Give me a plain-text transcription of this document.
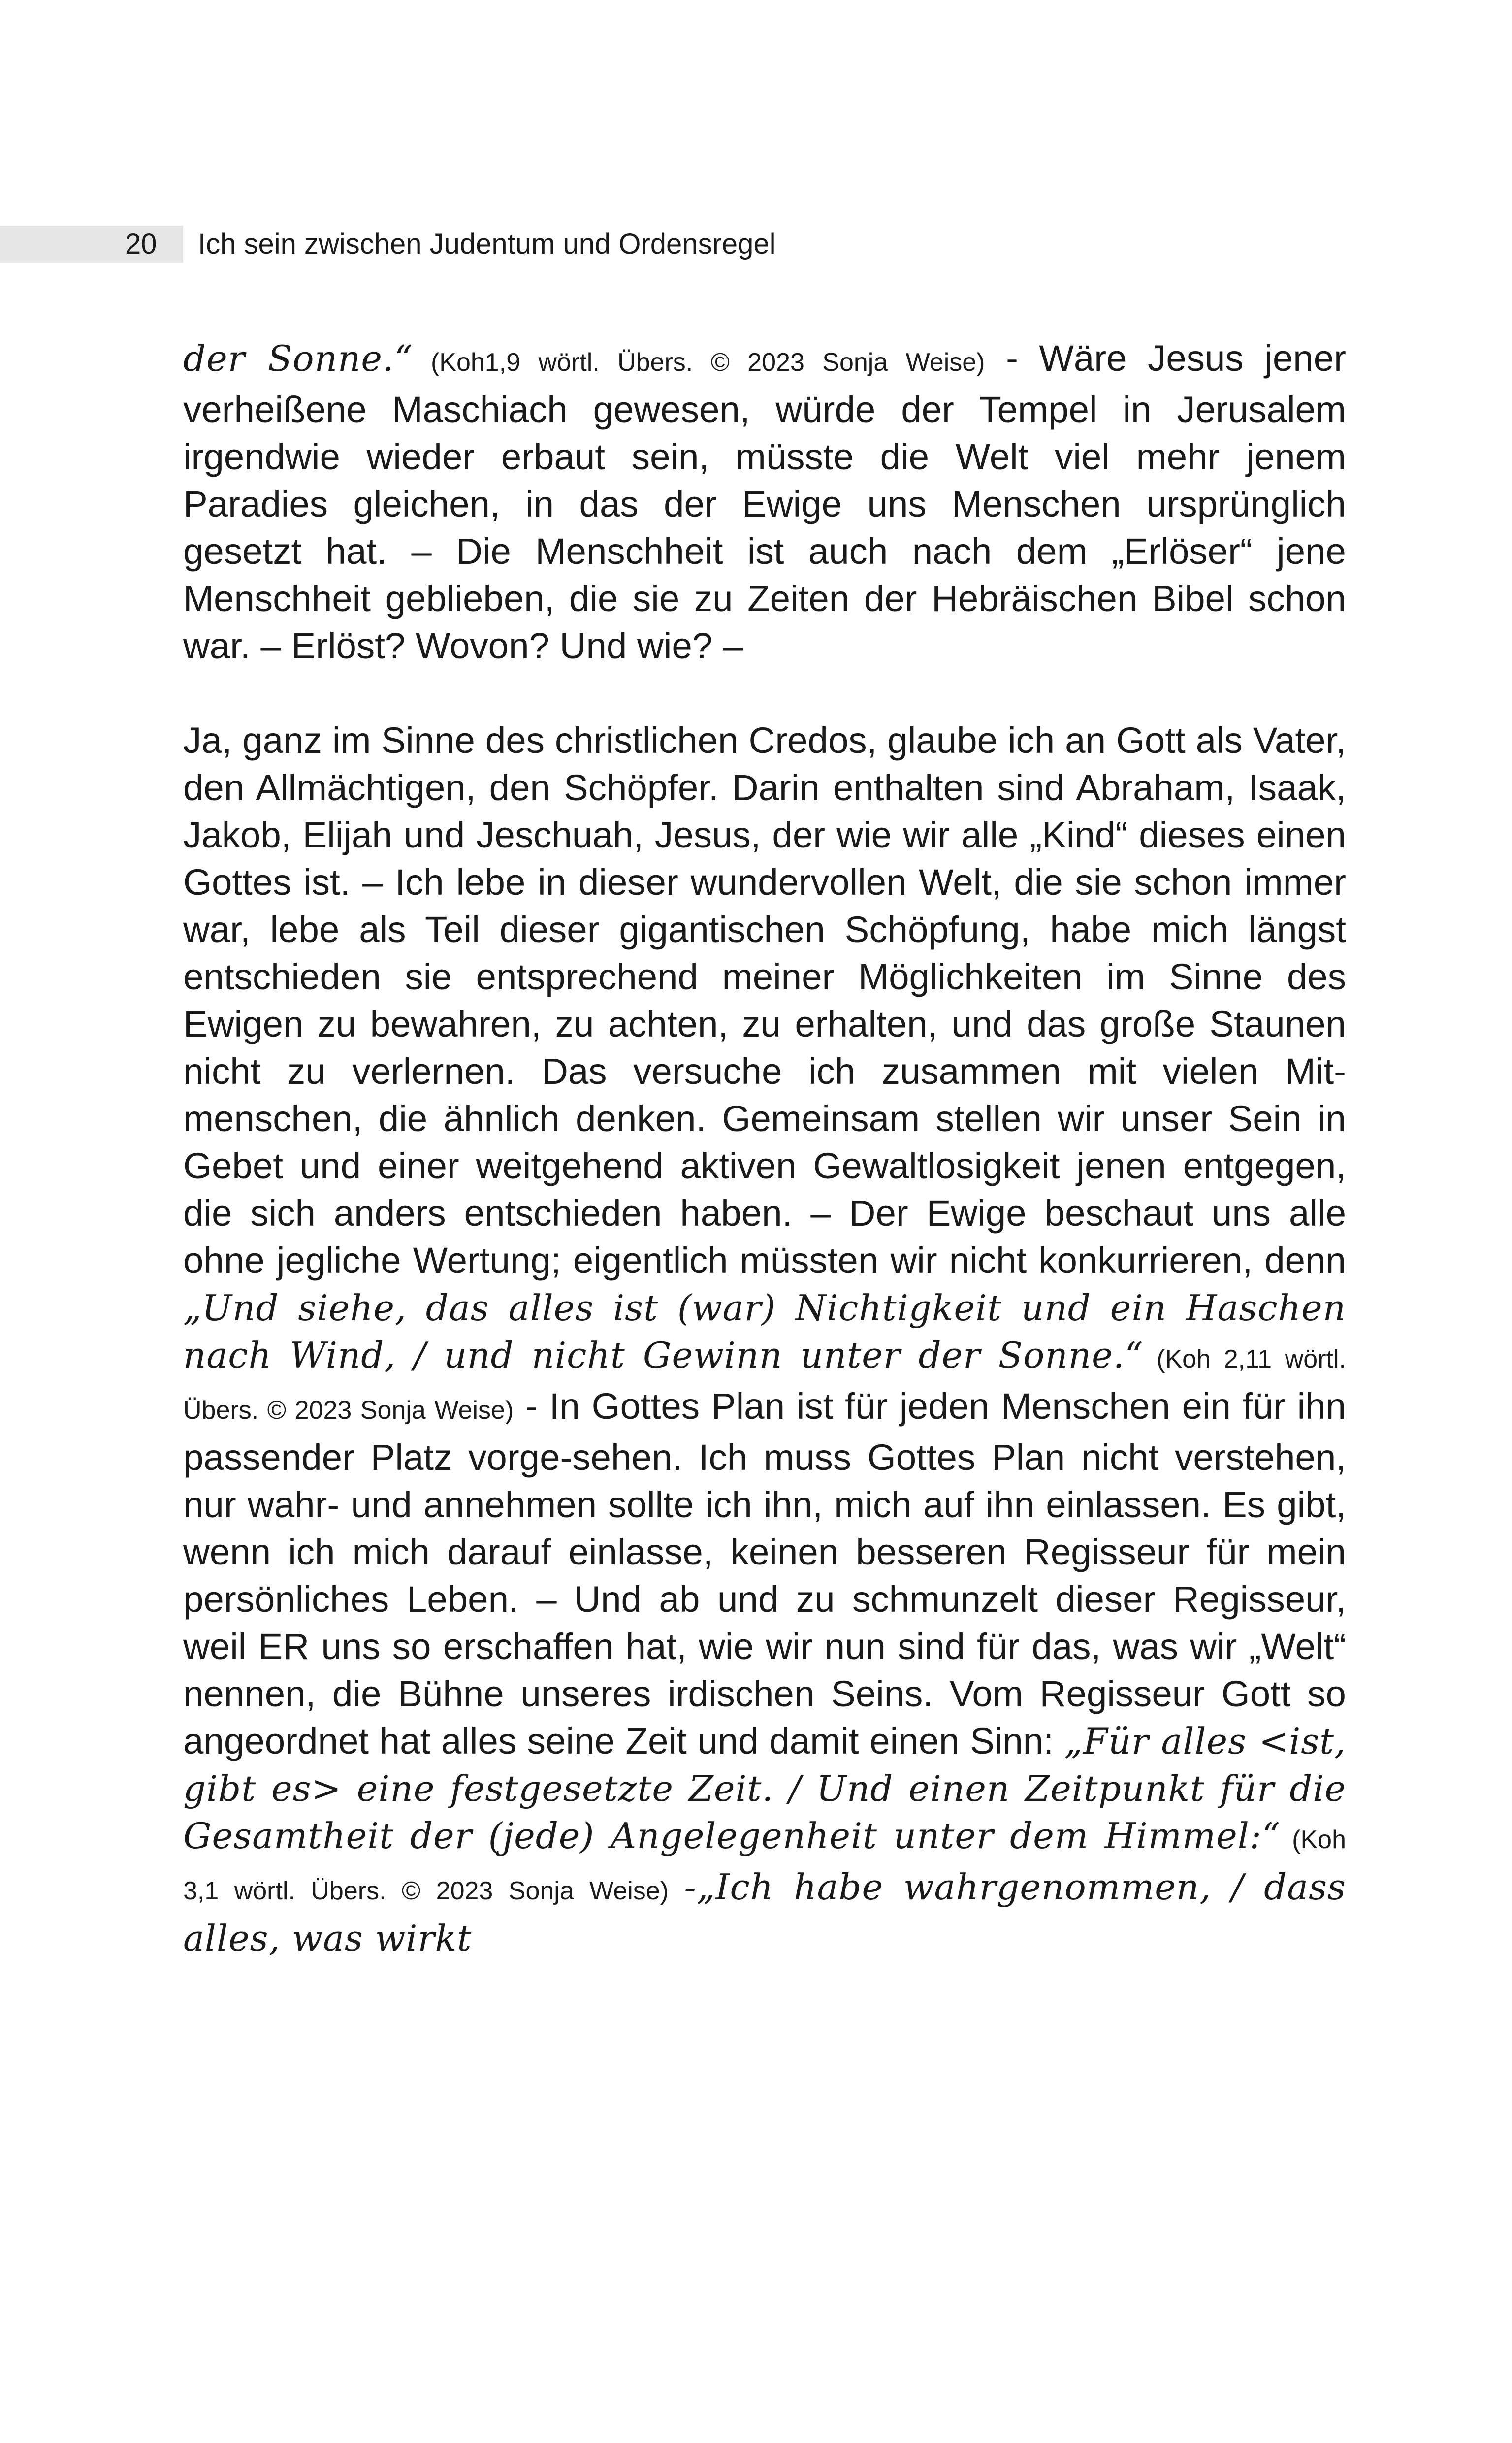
20 Ich sein zwischen Judentum und Ordensregel

der Sonne.“ (Koh1,9 wörtl. Übers. © 2023 Sonja Weise) - Wäre Jesus jener verheißene Maschiach gewesen, würde der Tempel in Jerusalem irgendwie wieder erbaut sein, müsste die Welt viel mehr jenem Paradies gleichen, in das der Ewige uns Menschen ursprünglich gesetzt hat. – Die Menschheit ist auch nach dem „Erlöser“ jene Menschheit geblieben, die sie zu Zeiten der Hebräischen Bibel schon war. – Erlöst? Wovon? Und wie? –

Ja, ganz im Sinne des christlichen Credos, glaube ich an Gott als Vater, den Allmächtigen, den Schöpfer. Darin enthalten sind Abraham, Isaak, Jakob, Elijah und Jeschuah, Jesus, der wie wir alle „Kind“ dieses einen Gottes ist. – Ich lebe in dieser wundervollen Welt, die sie schon immer war, lebe als Teil dieser gigantischen Schöpfung, habe mich längst entschieden sie entsprechend meiner Möglichkeiten im Sinne des Ewigen zu bewahren, zu achten, zu erhalten, und das große Staunen nicht zu verlernen. Das versuche ich zusammen mit vielen Mit-menschen, die ähnlich denken. Gemeinsam stellen wir unser Sein in Gebet und einer weitgehend aktiven Gewaltlosigkeit jenen entgegen, die sich anders entschieden haben. – Der Ewige beschaut uns alle ohne jegliche Wertung; eigentlich müssten wir nicht konkurrieren, denn „Und siehe, das alles ist (war) Nichtigkeit und ein Haschen nach Wind, / und nicht Gewinn unter der Sonne.“ (Koh 2,11 wörtl. Übers. © 2023 Sonja Weise) - In Gottes Plan ist für jeden Menschen ein für ihn passender Platz vorge-sehen. Ich muss Gottes Plan nicht verstehen, nur wahr- und annehmen sollte ich ihn, mich auf ihn einlassen. Es gibt, wenn ich mich darauf einlasse, keinen besseren Regisseur für mein persönliches Leben. – Und ab und zu schmunzelt dieser Regisseur, weil ER uns so erschaffen hat, wie wir nun sind für das, was wir „Welt“ nennen, die Bühne unseres irdischen Seins. Vom Regisseur Gott so angeordnet hat alles seine Zeit und damit einen Sinn: „Für alles <ist, gibt es> eine festgesetzte Zeit. / Und einen Zeitpunkt für die Gesamtheit der (jede) Angelegenheit unter dem Himmel:“ (Koh 3,1 wörtl. Übers. © 2023 Sonja Weise) -„Ich habe wahrgenommen, / dass alles, was wirkt
